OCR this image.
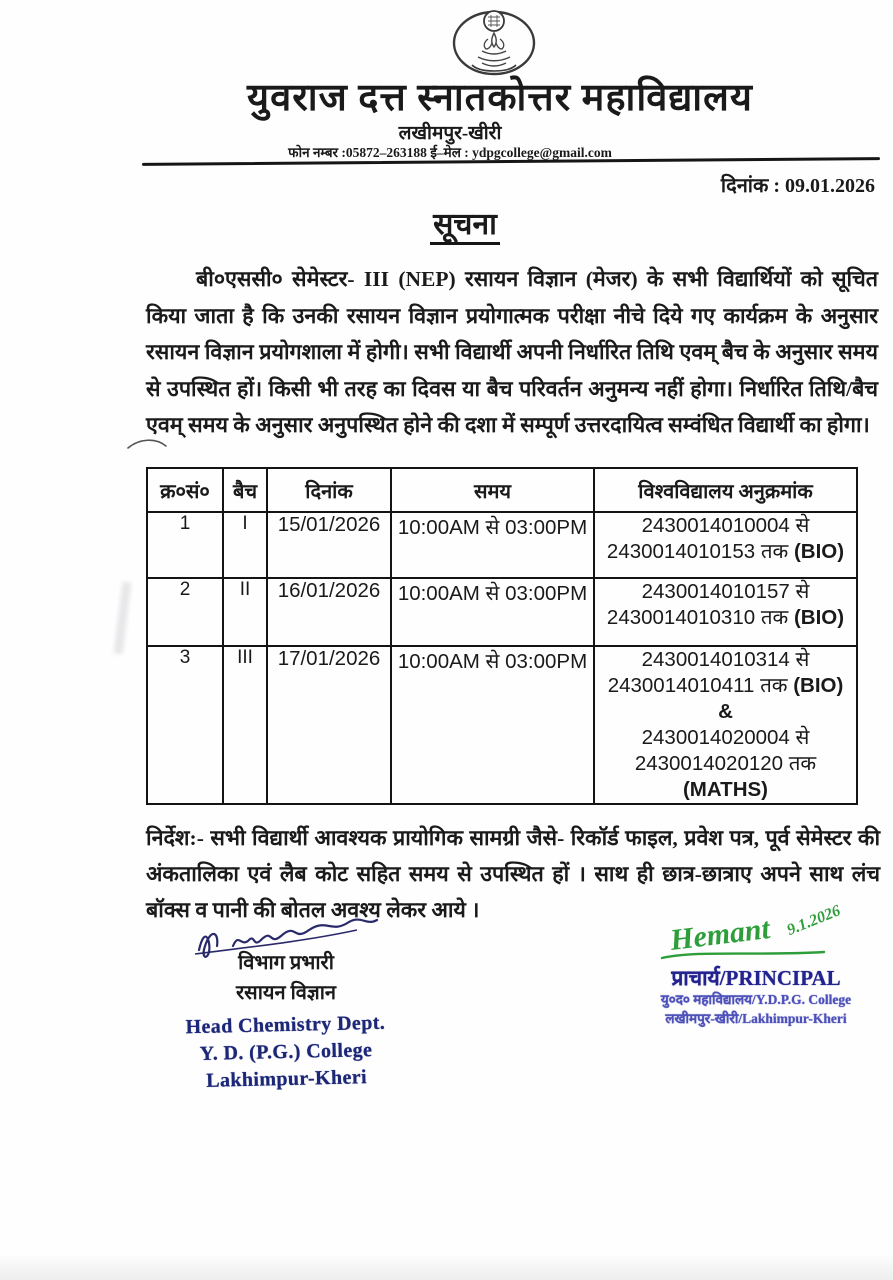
युवराज दत्त स्नातकोत्तर महाविद्यालय
लखीमपुर-खीरी
फोन नम्बर :05872–263188 ई–मेल : ydpgcollege@gmail.com
दिनांक : 09.01.2026
सूचना
बी०एससी० सेमेस्टर- III (NEP) रसायन विज्ञान (मेजर) के सभी विद्यार्थियों को सूचित किया जाता है कि उनकी रसायन विज्ञान प्रयोगात्मक परीक्षा नीचे दिये गए कार्यक्रम के अनुसार रसायन विज्ञान प्रयोगशाला में होगी। सभी विद्यार्थी अपनी निर्धारित तिथि एवम् बैच के अनुसार समय से उपस्थित हों। किसी भी तरह का दिवस या बैच परिवर्तन अनुमन्य नहीं होगा। निर्धारित तिथि/बैच एवम् समय के अनुसार अनुपस्थित होने की दशा में सम्पूर्ण उत्तरदायित्व सम्वंधित विद्यार्थी का होगा।
क्र०सं०	बैच	दिनांक	समय	विश्वविद्यालय अनुक्रमांक
1	I	15/01/2026	10:00AM से 03:00PM	2430014010004 से
2430014010153 तक (BIO)

2	II	16/01/2026	10:00AM से 03:00PM	2430014010157 से
2430014010310 तक (BIO)

3	III	17/01/2026	10:00AM से 03:00PM	2430014010314 से
2430014010411 तक (BIO)
&
2430014020004 से
2430014020120 तक
(MATHS)
निर्देश:- सभी विद्यार्थी आवश्यक प्रायोगिक सामग्री जैसे- रिकॉर्ड फाइल, प्रवेश पत्र, पूर्व सेमेस्टर की अंकतालिका एवं लैब कोट सहित समय से उपस्थित हों । साथ ही छात्र-छात्राए अपने साथ लंच बॉक्स व पानी की बोतल अवश्य लेकर आये ।
विभाग प्रभारी
रसायन विज्ञान
Head Chemistry Dept.
Y. D. (P.G.) College
Lakhimpur-Kheri
Hemant 9.1.2026
प्राचार्य/PRINCIPAL
यु०द० महाविद्यालय/Y.D.P.G. College
लखीमपुर-खीरी/Lakhimpur-Kheri
